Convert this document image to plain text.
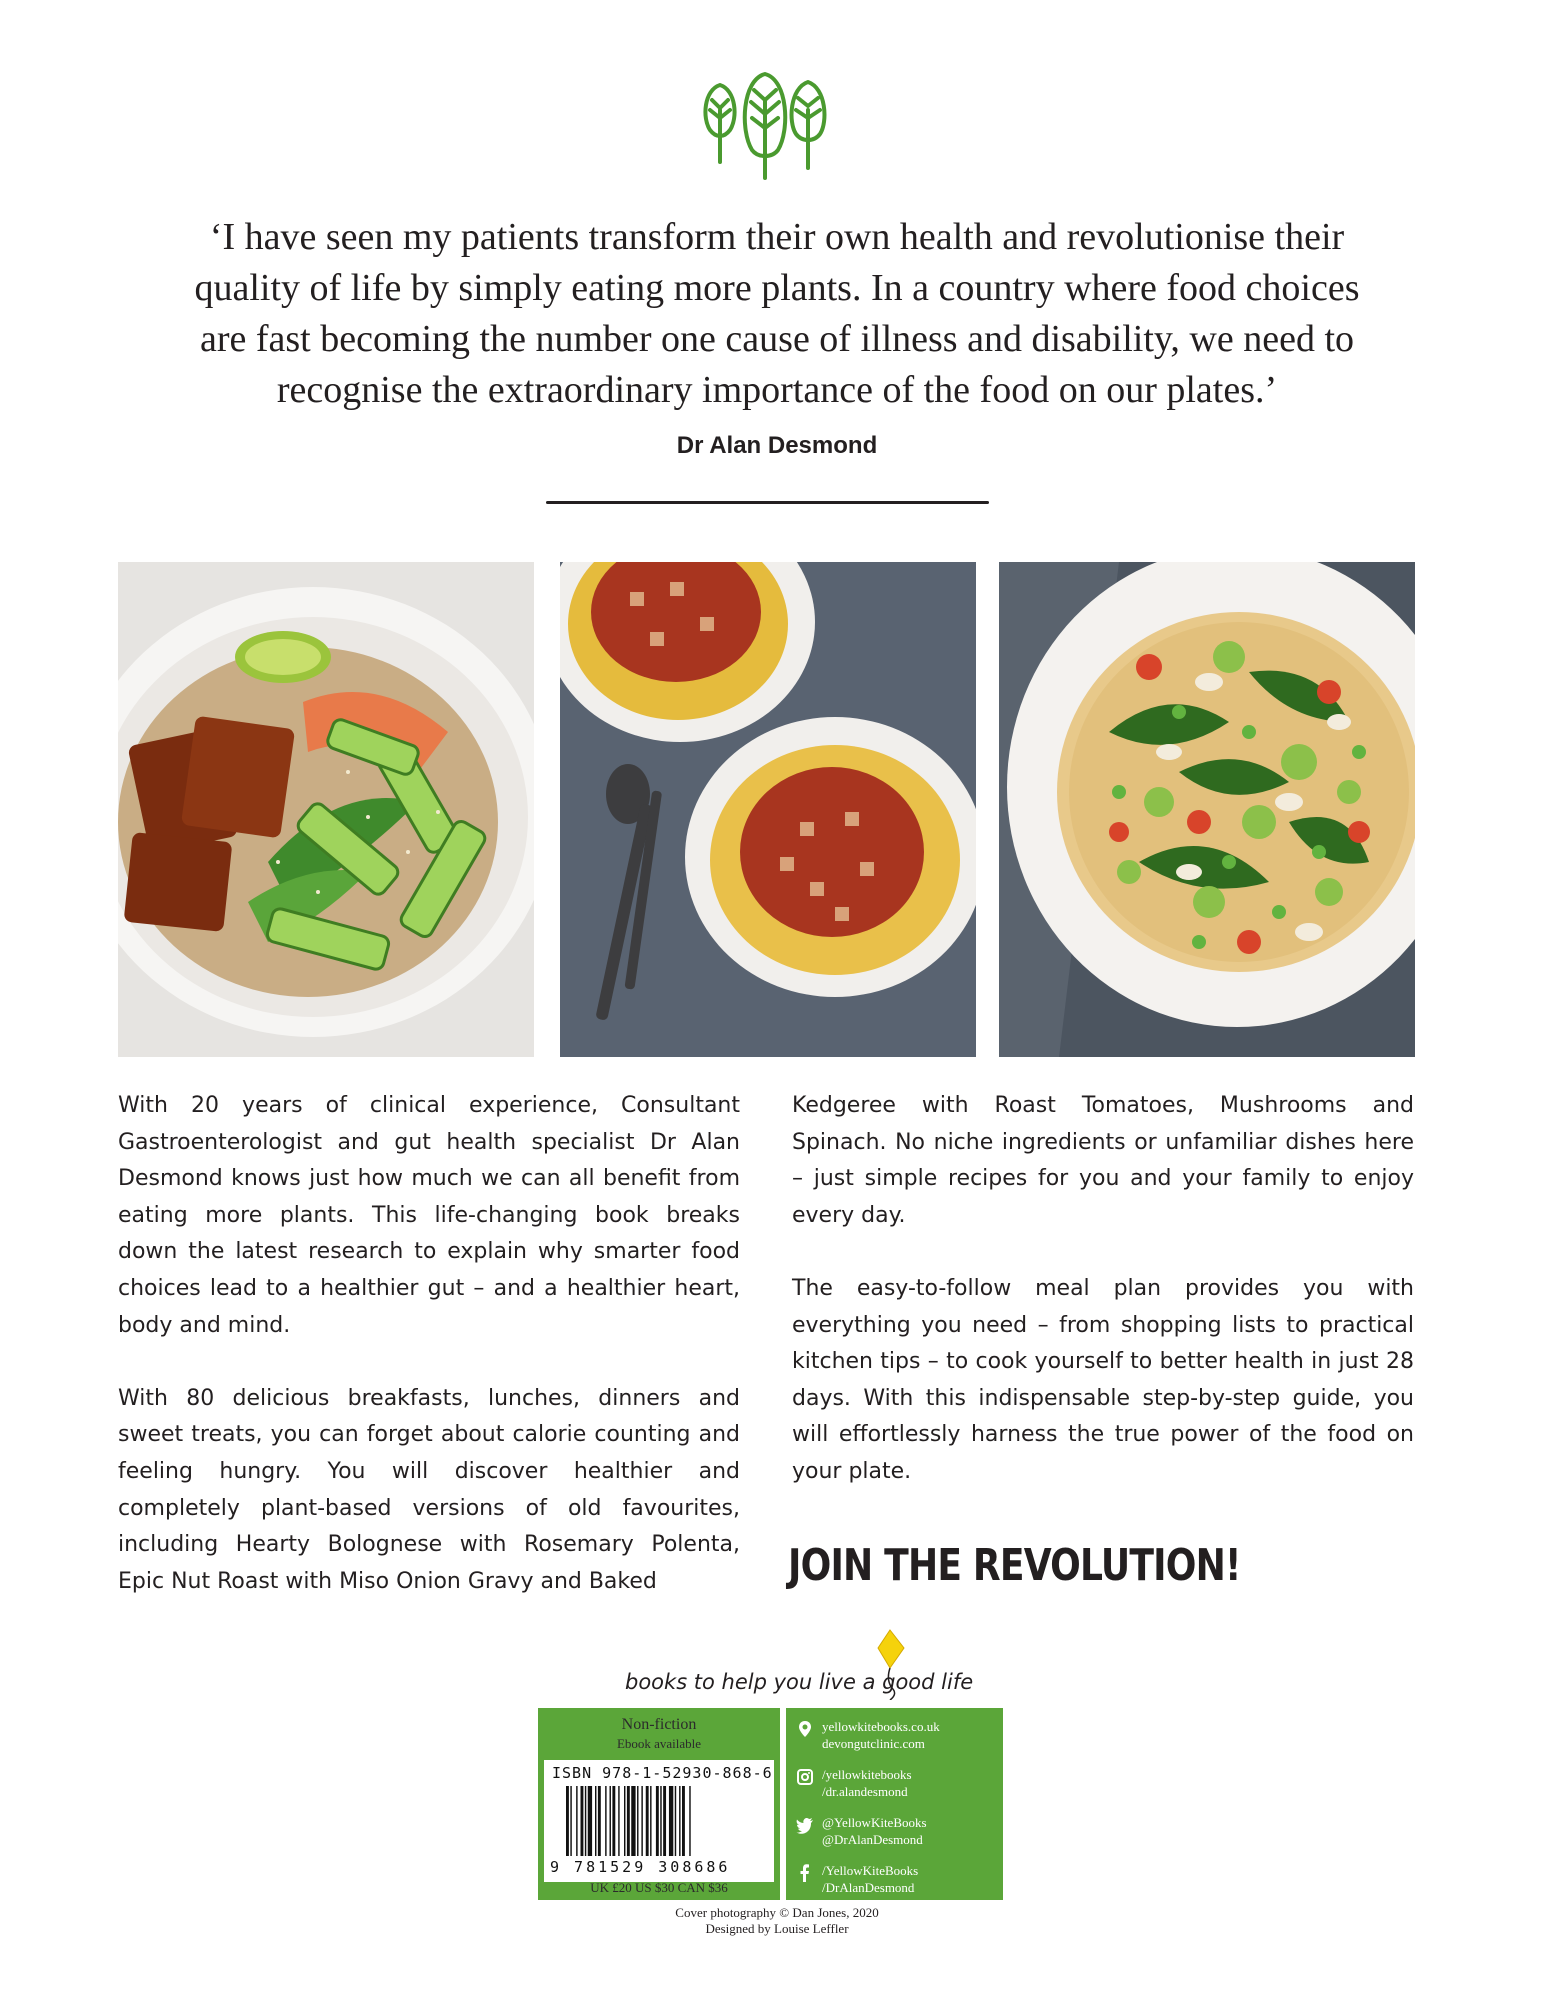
‘I have seen my patients transform their own health and revolutionise their
quality of life by simply eating more plants. In a country where food choices
are fast becoming the number one cause of illness and disability, we need to
recognise the extraordinary importance of the food on our plates.’
Dr Alan Desmond

With 20 years of clinical experience, Consultant Gastroenterologist and gut health specialist Dr Alan Desmond knows just how much we can all benefit from eating more plants. This life-changing book breaks down the latest research to explain why smarter food choices lead to a healthier gut – and a healthier heart, body and mind.

With 80 delicious breakfasts, lunches, dinners and sweet treats, you can forget about calorie counting and feeling hungry. You will discover healthier and completely plant-based versions of old favourites, including Hearty Bolognese with Rosemary Polenta, Epic Nut Roast with Miso Onion Gravy and Baked

Kedgeree with Roast Tomatoes, Mushrooms and Spinach. No niche ingredients or unfamiliar dishes here – just simple recipes for you and your family to enjoy every day.

The easy-to-follow meal plan provides you with everything you need – from shopping lists to practical kitchen tips – to cook yourself to better health in just 28 days. With this indispensable step-by-step guide, you will effortlessly harness the true power of the food on your plate.

JOIN THE REVOLUTION!
books to help you live a good life
Non-fiction
Ebook available
ISBN 978-1-52930-868-6
9 781529 308686
UK £20 US $30 CAN $36
yellowkitebooks.co.uk
devongutclinic.com
/yellowkitebooks
/dr.alandesmond
@YellowKiteBooks
@DrAlanDesmond
/YellowKiteBooks
/DrAlanDesmond
Cover photography © Dan Jones, 2020
Designed by Louise Leffler
